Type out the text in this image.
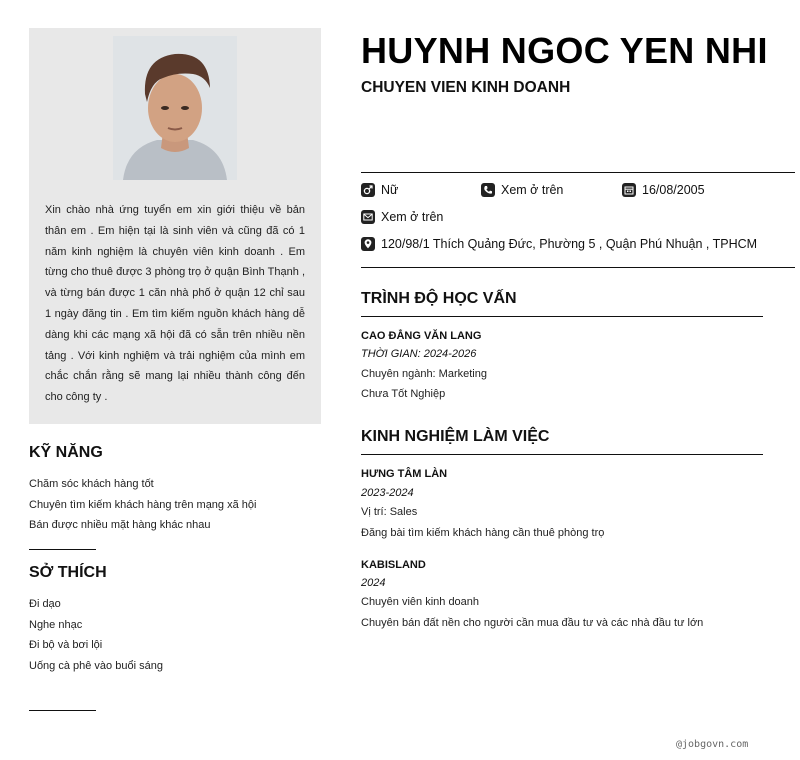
Xin chào nhà ứng tuyển em xin giới thiệu về bản thân em . Em hiện tại là sinh viên và cũng đã có 1 năm kinh nghiệm là chuyên viên kinh doanh . Em từng cho thuê được 3 phòng trọ ở quận Bình Thạnh , và từng bán được 1 căn nhà phố ở quận 12 chỉ sau 1 ngày đăng tin . Em tìm kiếm nguồn khách hàng dễ dàng khi các mạng xã hội đã có sẵn trên nhiều nền tảng . Với kinh nghiệm và trải nghiệm của mình em chắc chắn rằng sẽ mang lại nhiều thành công đến cho công ty .

KỸ NĂNG
Chăm sóc khách hàng tốt
Chuyên tìm kiếm khách hàng trên mạng xã hội
Bán được nhiều mặt hàng khác nhau
SỞ THÍCH
Đi dạo
Nghe nhạc
Đi bộ và bơi lội
Uống cà phê vào buổi sáng
HUYNH NGOC YEN NHI
CHUYEN VIEN KINH DOANH
Nữ	Xem ở trên	16/08/2005
Xem ở trên
120/98/1 Thích Quảng Đức, Phường 5 , Quận Phú Nhuận , TPHCM
TRÌNH ĐỘ HỌC VẤN
CAO ĐẲNG VĂN LANG
THỜI GIAN: 2024-2026
Chuyên ngành: Marketing
Chưa Tốt Nghiệp
KINH NGHIỆM LÀM VIỆC
HƯNG TÂM LÀN
2023-2024
Vị trí: Sales
Đăng bài tìm kiếm khách hàng cần thuê phòng trọ
KABISLAND
2024
Chuyên viên kinh doanh
Chuyên bán đất nền cho người cần mua đầu tư và các nhà đầu tư lớn
@jobgovn.com
